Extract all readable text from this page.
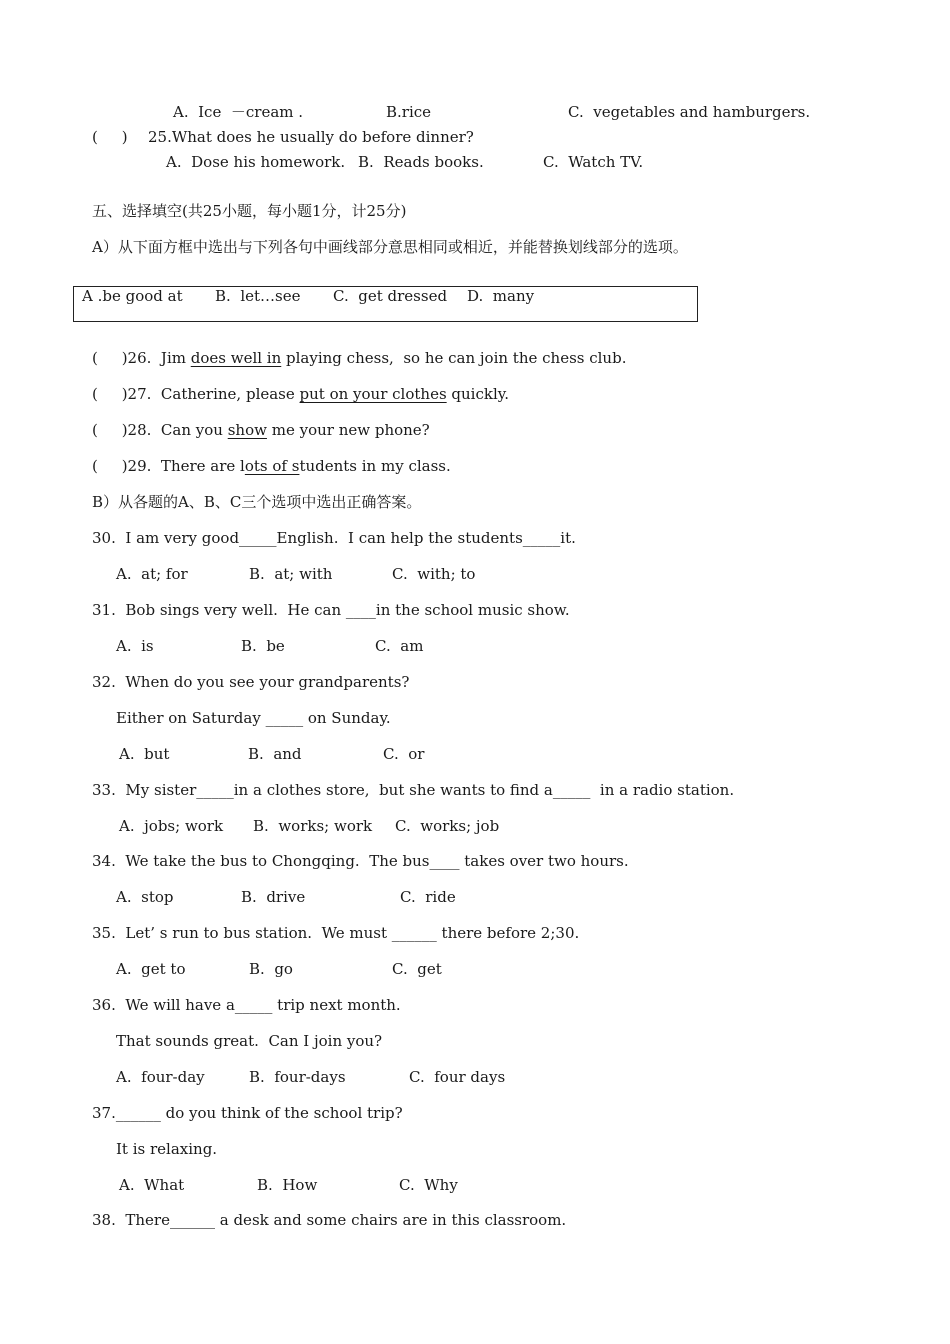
A.  Ice  －cream .	B.rice	C.  vegetables and hamburgers.
(     ) 25.What does he usually do before dinner?
A.  Dose his homework. B.  Reads books.	C.  Watch TV.
五、选择填空(共25小题，每小题1分，计25分)
A）从下面方框中选出与下列各句中画线部分意思相同或相近，并能替换划线部分的选项。
A .be good at B.  let…see C.  get dressed D.  many
(     )26.  Jim does well in playing chess,  so he can join the chess club.
(     )27.  Catherine, please put on your clothes quickly.
(     )28.  Can you show me your new phone?
(     )29.  There are lots of students in my class.
B）从各题的A、B、C三个选项中选出正确答案。
30.  I am very good_____English.  I can help the students_____it.
A.  at; for	B.  at; with	C.  with; to
31.  Bob sings very well.  He can ____in the school music show.
A.  is	B.  be	C.  am
32.  When do you see your grandparents?
Either on Saturday _____ on Sunday.
A.  but	B.  and	C.  or
33.  My sister_____in a clothes store,  but she wants to find a_____  in a radio station.
A.  jobs; work B.  works; work C.  works; job
34.  We take the bus to Chongqing.  The bus____ takes over two hours.
A.  stop	B.  drive	C.  ride
35.  Let’ s run to bus station.  We must ______ there before 2;30.
A.  get to	B.  go	C.  get
36.  We will have a_____ trip next month.
That sounds great.  Can I join you?
A.  four-day	B.  four-days	C.  four days
37.______ do you think of the school trip?
It is relaxing.
A.  What	B.  How	C.  Why
38.  There______ a desk and some chairs are in this classroom.
